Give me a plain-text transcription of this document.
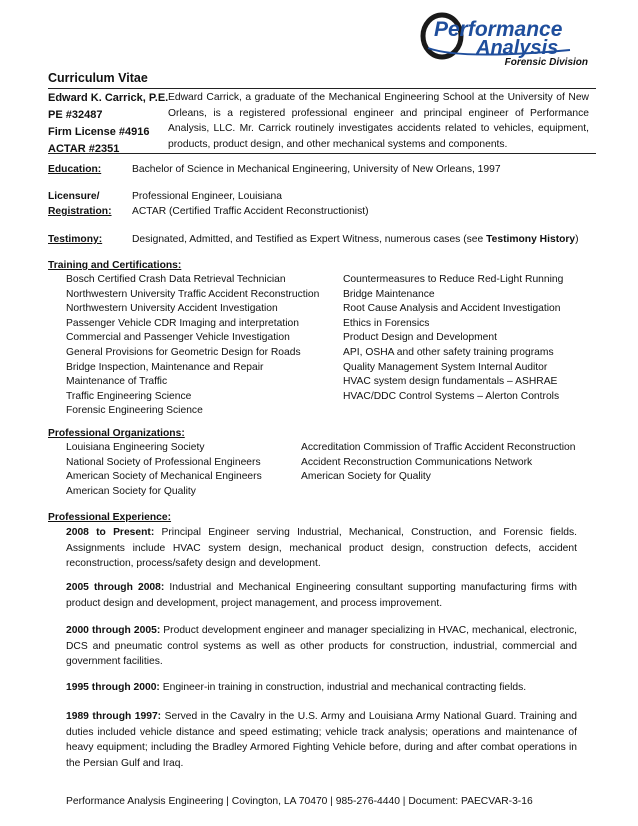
Performance
Analysis
Forensic Division
Curriculum Vitae
Edward K. Carrick, P.E.
PE #32487
Firm License #4916
ACTAR #2351
Edward Carrick, a graduate of the Mechanical Engineering School at the University of New Orleans, is a registered professional engineer and principal engineer of Performance Analysis, LLC. Mr. Carrick routinely investigates accidents related to vehicles, equipment, products, product design, and other mechanical systems and components.
Education:	Bachelor of Science in Mechanical Engineering, University of New Orleans, 1997
Licensure/	Professional Engineer, Louisiana
Registration: ACTAR (Certified Traffic Accident Reconstructionist)
Testimony:	Designated, Admitted, and Testified as Expert Witness, numerous cases (see Testimony History)
Training and Certifications:
Bosch Certified Crash Data Retrieval Technician
Northwestern University Traffic Accident Reconstruction
Northwestern University Accident Investigation
Passenger Vehicle CDR Imaging and interpretation
Commercial and Passenger Vehicle Investigation
General Provisions for Geometric Design for Roads
Bridge Inspection, Maintenance and Repair
Maintenance of Traffic
Traffic Engineering Science
Forensic Engineering Science
Countermeasures to Reduce Red-Light Running
Bridge Maintenance
Root Cause Analysis and Accident Investigation
Ethics in Forensics
Product Design and Development
API, OSHA and other safety training programs
Quality Management System Internal Auditor
HVAC system design fundamentals – ASHRAE
HVAC/DDC Control Systems – Alerton Controls
Professional Organizations:
Louisiana Engineering Society
National Society of Professional Engineers
American Society of Mechanical Engineers
American Society for Quality
Accreditation Commission of Traffic Accident Reconstruction
Accident Reconstruction Communications Network
American Society for Quality
Professional Experience:
2008 to Present: Principal Engineer serving Industrial, Mechanical, Construction, and Forensic fields. Assignments include HVAC system design, mechanical product design, construction defects, accident reconstruction, process/safety design and development.
2005 through 2008: Industrial and Mechanical Engineering consultant supporting manufacturing firms with product design and development, project management, and process improvement.
2000 through 2005: Product development engineer and manager specializing in HVAC, mechanical, electronic, DCS and pneumatic control systems as well as other products for construction, industrial, commercial and government facilities.
1995 through 2000: Engineer-in training in construction, industrial and mechanical contracting fields.
1989 through 1997: Served in the Cavalry in the U.S. Army and Louisiana Army National Guard. Training and duties included vehicle distance and speed estimating; vehicle track analysis; operations and maintenance of heavy equipment; including the Bradley Armored Fighting Vehicle before, during and after combat operations in the Persian Gulf and Iraq.
Performance Analysis Engineering | Covington, LA 70470 | 985-276-4440 | Document: PAECVAR-3-16
